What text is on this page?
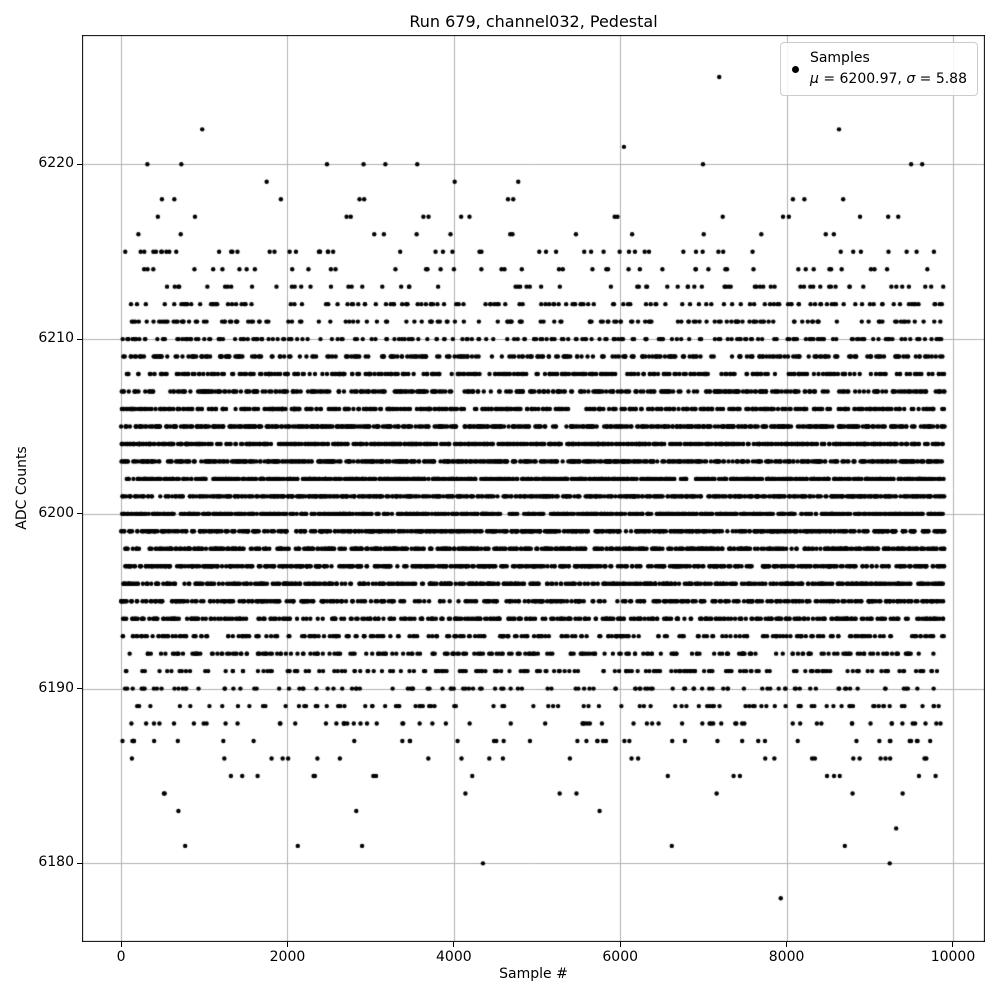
Run 679, channel032, Pedestal
ADC Counts
Samples
μ = 6200.97, σ = 5.88
Sample #
0	2000	4000	6000	8000	10000
6180
6190
6200
6210
6220
